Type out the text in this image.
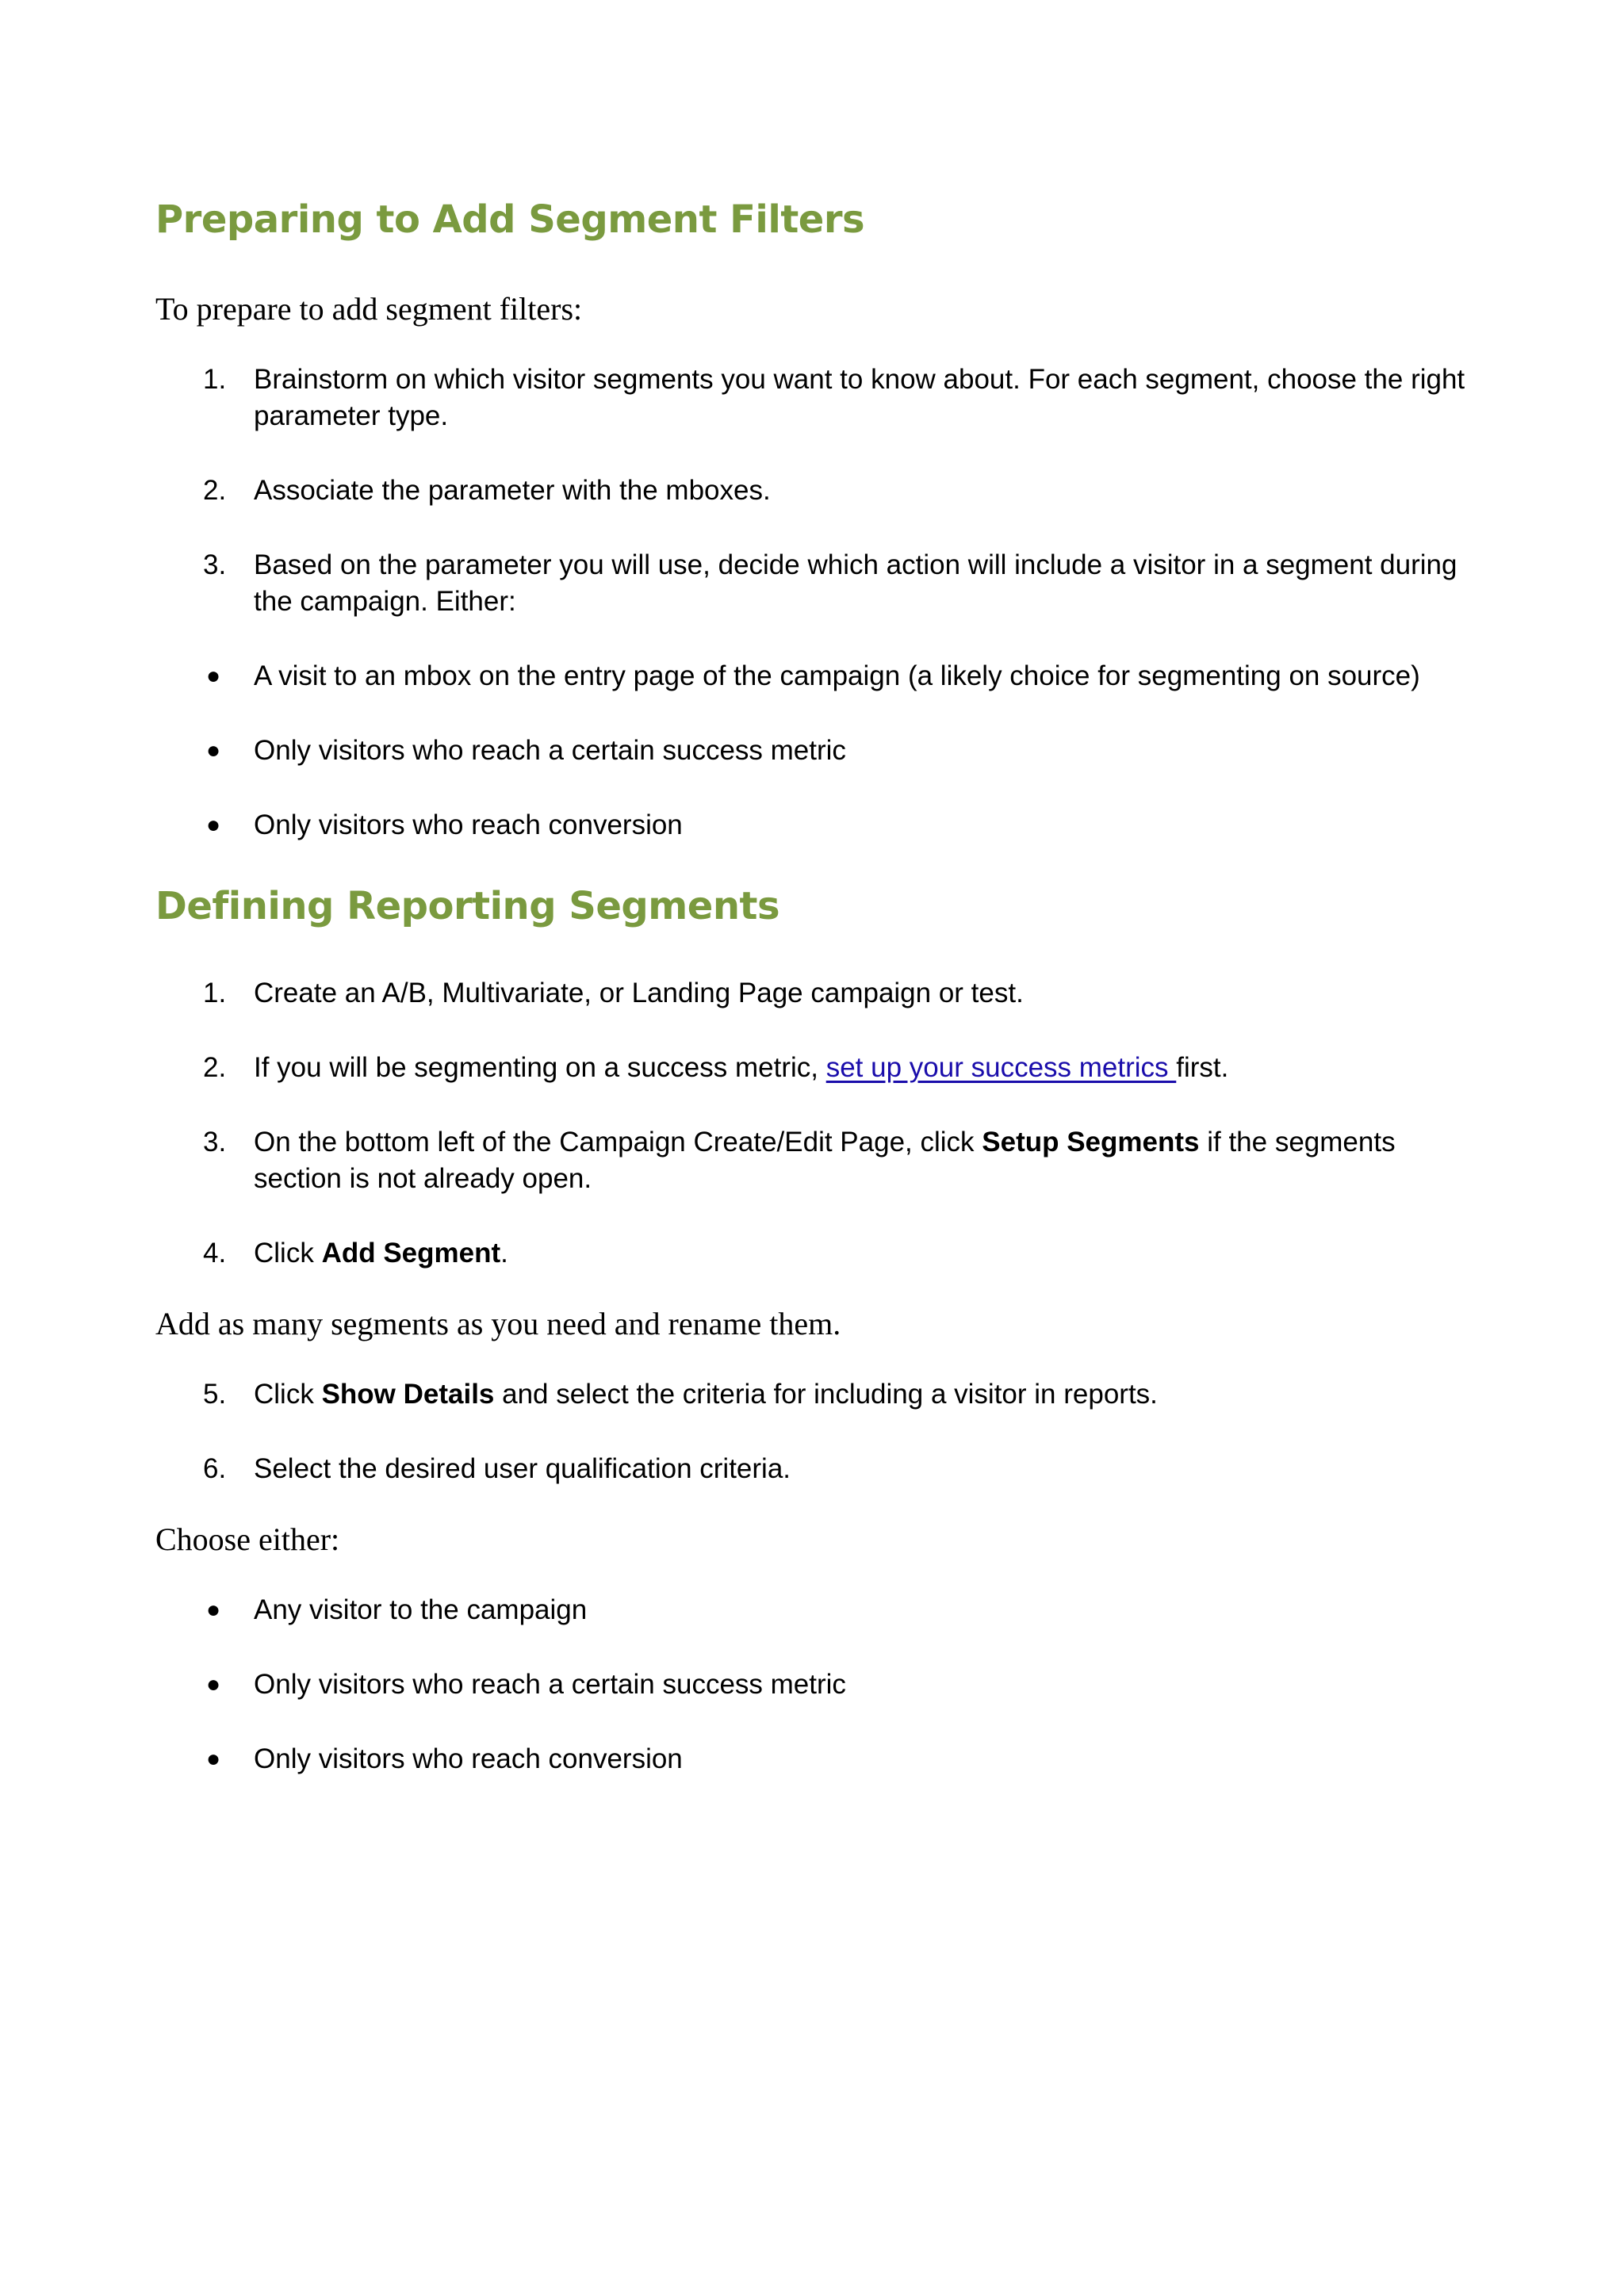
Preparing to Add Segment Filters

To prepare to add segment filters:

1. Brainstorm on which visitor segments you want to know about. For each segment, choose the right parameter type.
2. Associate the parameter with the mboxes.
3. Based on the parameter you will use, decide which action will include a visitor in a segment during the campaign. Either:
●	A visit to an mbox on the entry page of the campaign (a likely choice for segmenting on source)
●	Only visitors who reach a certain success metric
●	Only visitors who reach conversion
Defining Reporting Segments
1. Create an A/B, Multivariate, or Landing Page campaign or test.
2. If you will be segmenting on a success metric, set up your success metrics first.
3. On the bottom left of the Campaign Create/Edit Page, click Setup Segments if the segments section is not already open.
4. Click Add Segment.

Add as many segments as you need and rename them.

5. Click Show Details and select the criteria for including a visitor in reports.
6. Select the desired user qualification criteria.

Choose either:

●	Any visitor to the campaign
●	Only visitors who reach a certain success metric
●	Only visitors who reach conversion
